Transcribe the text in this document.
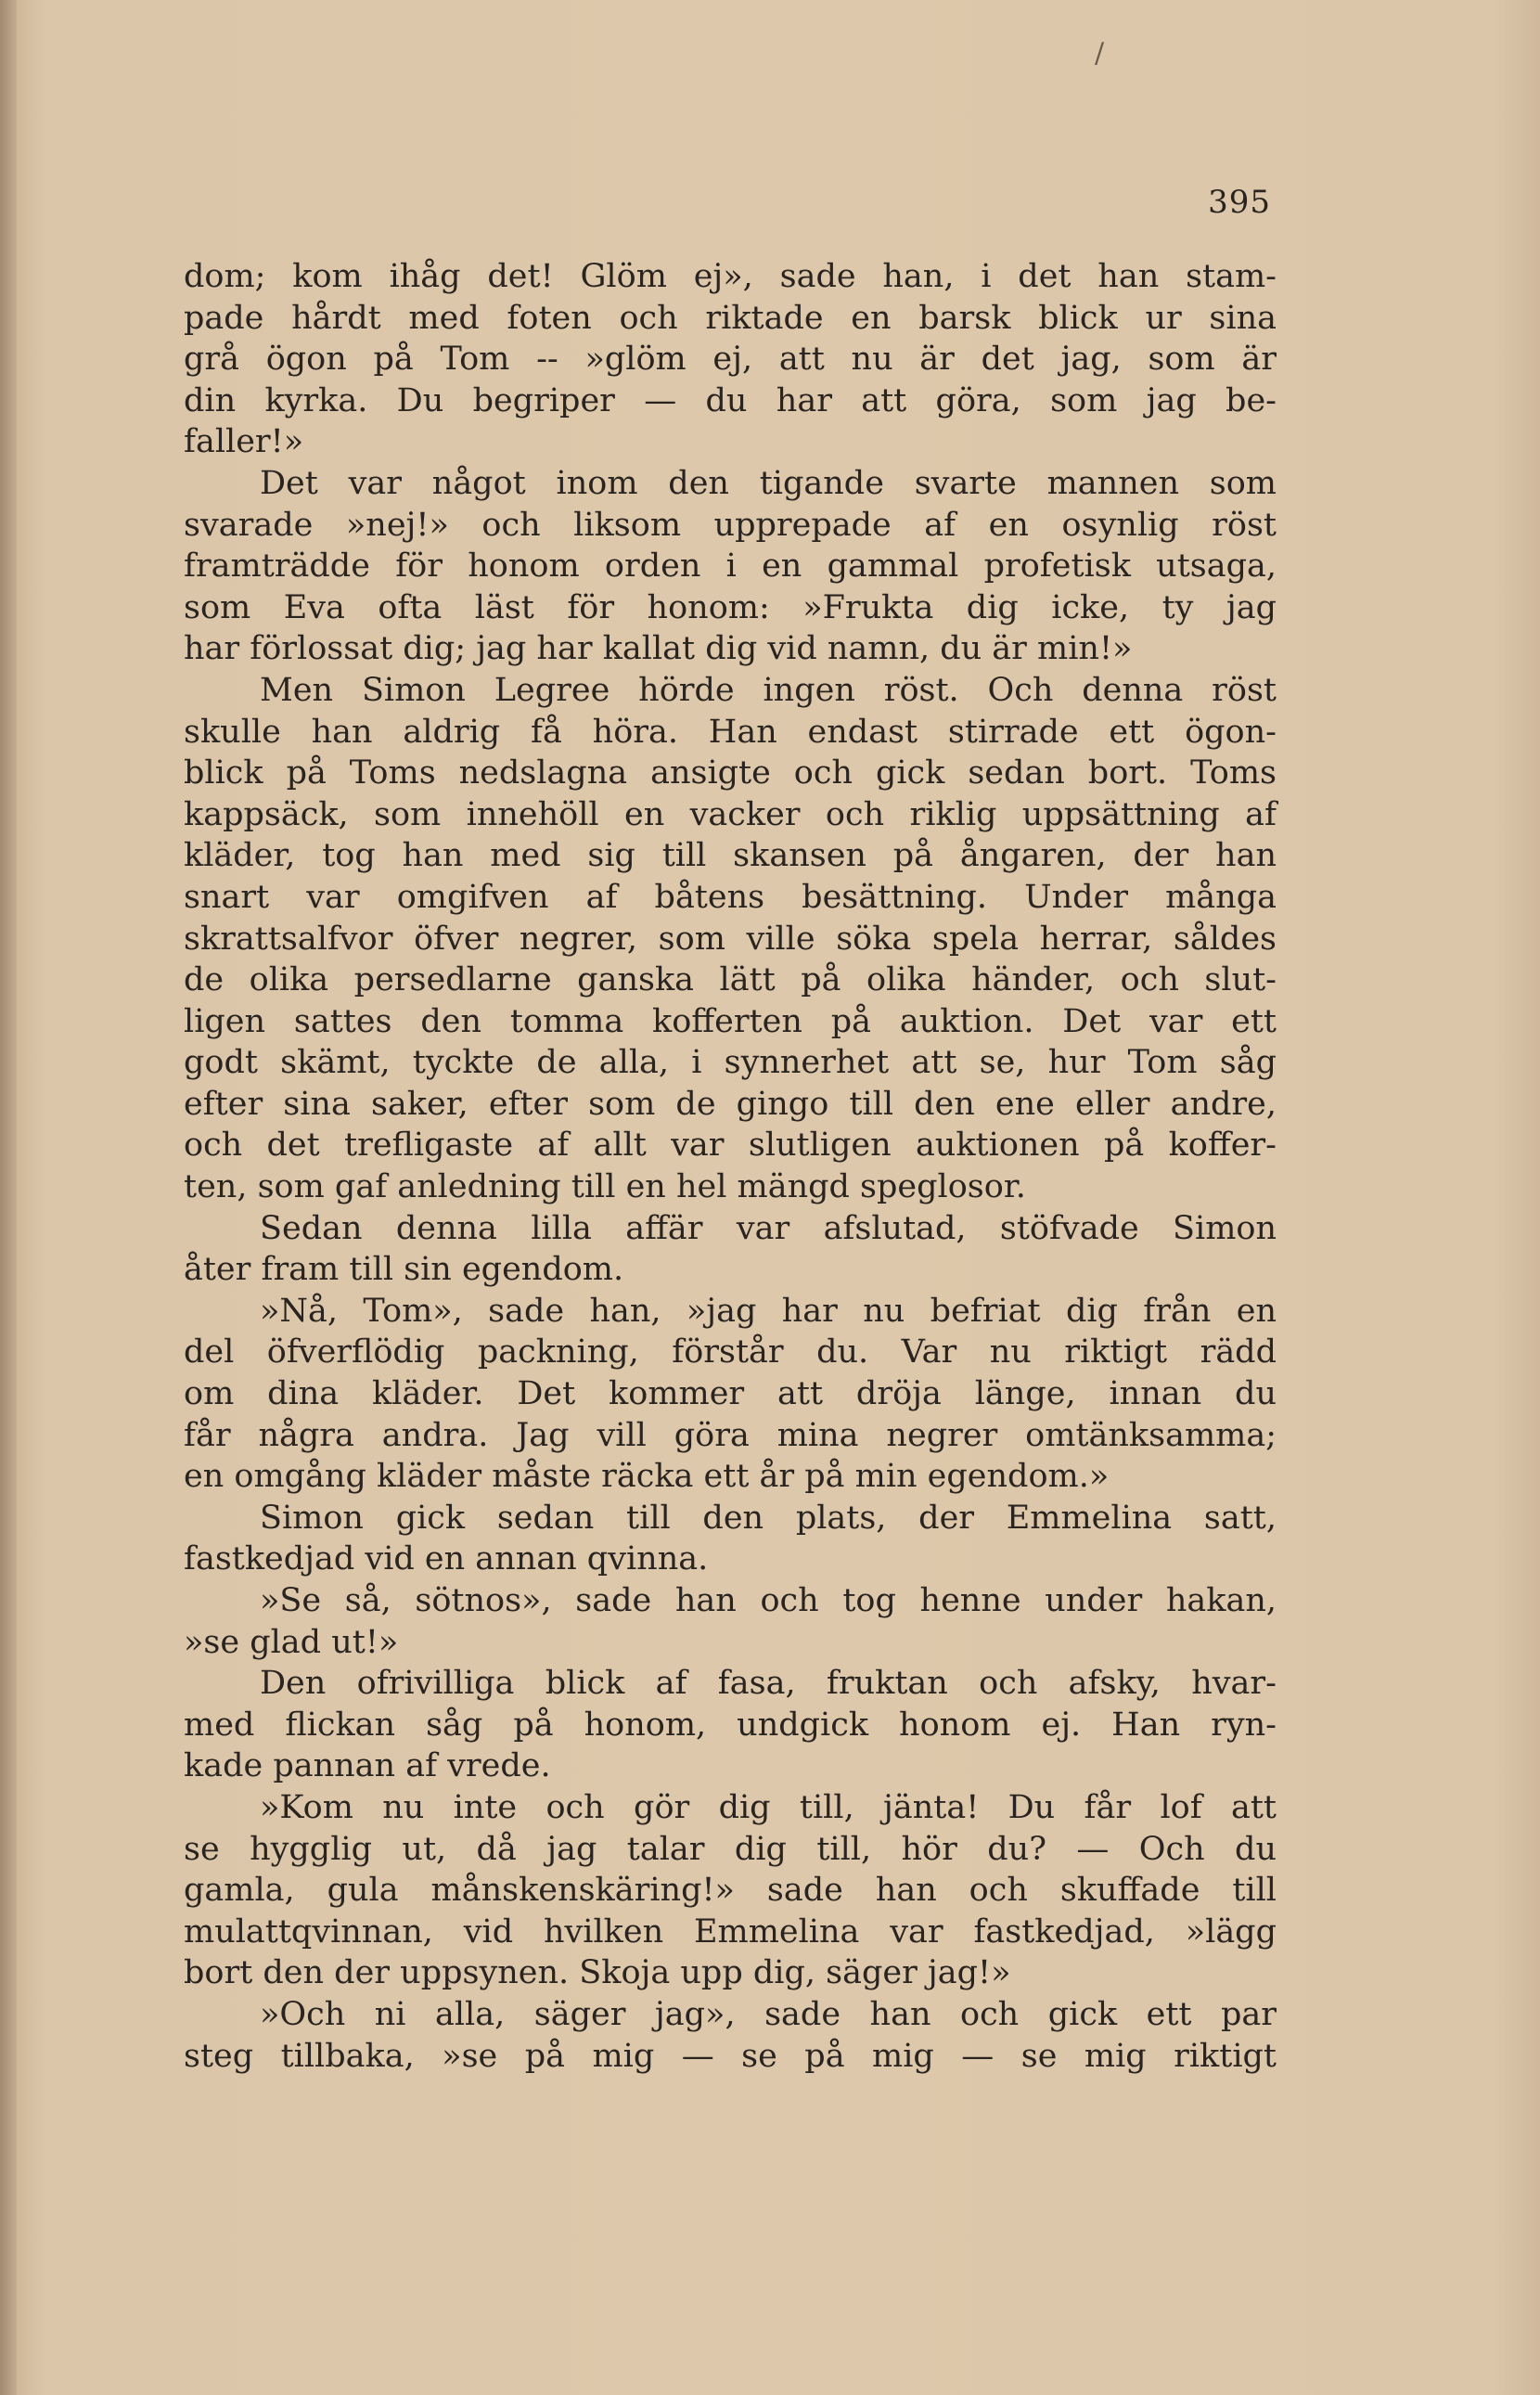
395
dom; kom ihåg det! Glöm ej», sade han, i det han stam-
pade hårdt med foten och riktade en barsk blick ur sina
grå ögon på Tom -- »glöm ej, att nu är det jag, som är
din kyrka. Du begriper — du har att göra, som jag be-
faller!»
Det var något inom den tigande svarte mannen som
svarade »nej!» och liksom upprepade af en osynlig röst
framträdde för honom orden i en gammal profetisk utsaga,
som Eva ofta läst för honom: »Frukta dig icke, ty jag
har förlossat dig; jag har kallat dig vid namn, du är min!»
Men Simon Legree hörde ingen röst. Och denna röst
skulle han aldrig få höra. Han endast stirrade ett ögon-
blick på Toms nedslagna ansigte och gick sedan bort. Toms
kappsäck, som innehöll en vacker och riklig uppsättning af
kläder, tog han med sig till skansen på ångaren, der han
snart var omgifven af båtens besättning. Under många
skrattsalfvor öfver negrer, som ville söka spela herrar, såldes
de olika persedlarne ganska lätt på olika händer, och slut-
ligen sattes den tomma kofferten på auktion. Det var ett
godt skämt, tyckte de alla, i synnerhet att se, hur Tom såg
efter sina saker, efter som de gingo till den ene eller andre,
och det trefligaste af allt var slutligen auktionen på koffer-
ten, som gaf anledning till en hel mängd speglosor.
Sedan denna lilla affär var afslutad, stöfvade Simon
åter fram till sin egendom.
»Nå, Tom», sade han, »jag har nu befriat dig från en
del öfverflödig packning, förstår du. Var nu riktigt rädd
om dina kläder. Det kommer att dröja länge, innan du
får några andra. Jag vill göra mina negrer omtänksamma;
en omgång kläder måste räcka ett år på min egendom.»
Simon gick sedan till den plats, der Emmelina satt,
fastkedjad vid en annan qvinna.
»Se så, sötnos», sade han och tog henne under hakan,
»se glad ut!»
Den ofrivilliga blick af fasa, fruktan och afsky, hvar-
med flickan såg på honom, undgick honom ej. Han ryn-
kade pannan af vrede.
»Kom nu inte och gör dig till, jänta! Du får lof att
se hygglig ut, då jag talar dig till, hör du? — Och du
gamla, gula månskenskäring!» sade han och skuffade till
mulattqvinnan, vid hvilken Emmelina var fastkedjad, »lägg
bort den der uppsynen. Skoja upp dig, säger jag!»
»Och ni alla, säger jag», sade han och gick ett par
steg tillbaka, »se på mig — se på mig — se mig riktigt
/
